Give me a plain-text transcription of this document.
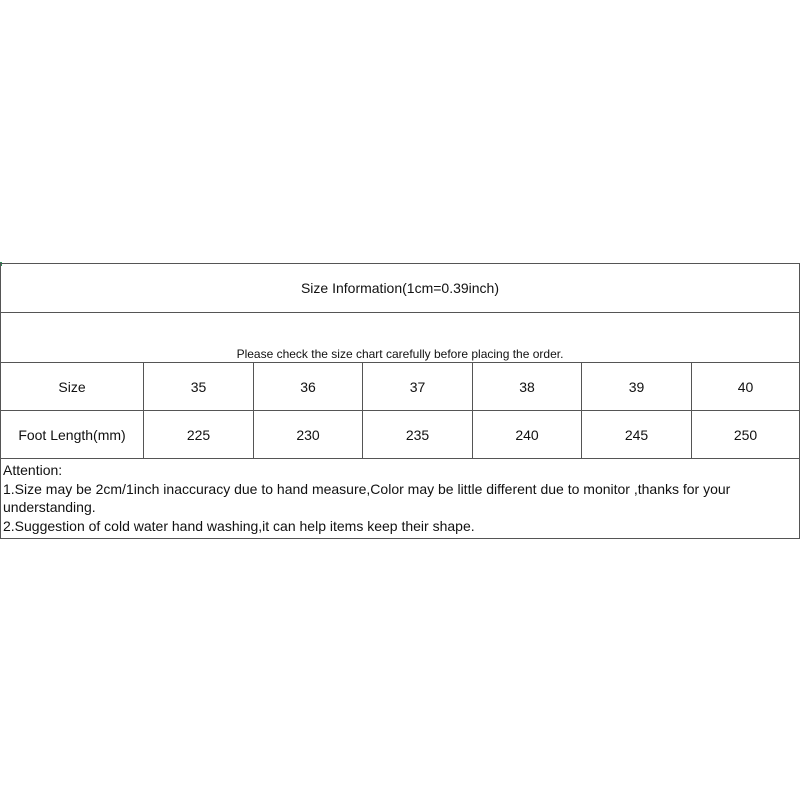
Size Information(1cm=0.39inch)
Please check the size chart carefully before placing the order.
Size	35	36	37	38	39	40
Foot Length(mm)	225	230	235	240	245	250
Attention:
1.Size may be 2cm/1inch inaccuracy due to hand measure,Color may be little different due to monitor ,thanks for your understanding.
2.Suggestion of cold water hand washing,it can help items keep their shape.
